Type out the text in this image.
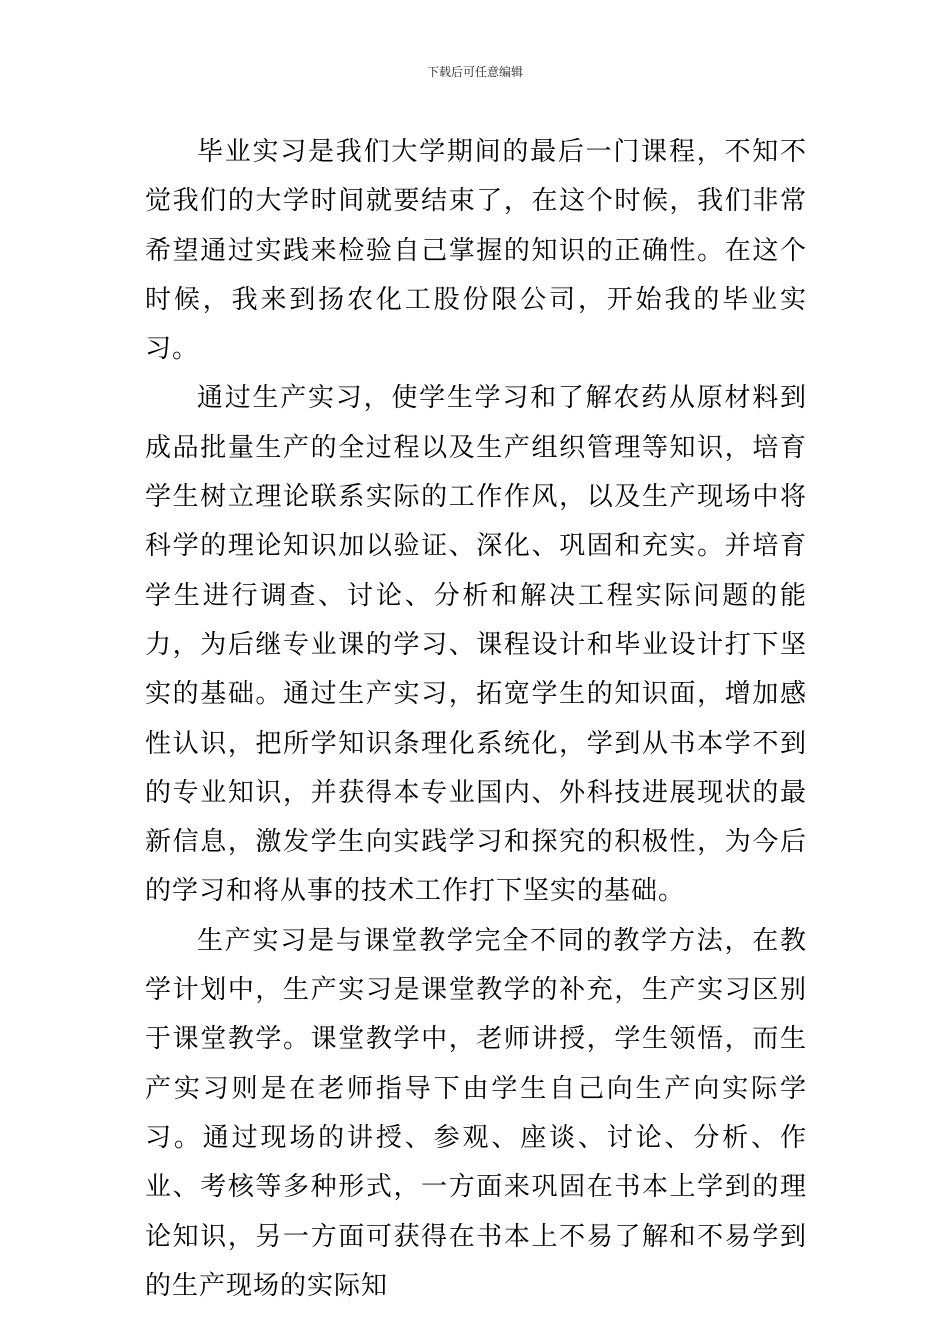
下载后可任意编辑

毕业实习是我们大学期间的最后一门课程，不知不觉我们的大学时间就要结束了，在这个时候，我们非常希望通过实践来检验自己掌握的知识的正确性。在这个时候，我来到扬农化工股份限公司，开始我的毕业实习。

通过生产实习，使学生学习和了解农药从原材料到成品批量生产的全过程以及生产组织管理等知识，培育学生树立理论联系实际的工作作风，以及生产现场中将科学的理论知识加以验证、深化、巩固和充实。并培育学生进行调查、讨论、分析和解决工程实际问题的能力，为后继专业课的学习、课程设计和毕业设计打下坚实的基础。通过生产实习，拓宽学生的知识面，增加感性认识，把所学知识条理化系统化，学到从书本学不到的专业知识，并获得本专业国内、外科技进展现状的最新信息，激发学生向实践学习和探究的积极性，为今后的学习和将从事的技术工作打下坚实的基础。

生产实习是与课堂教学完全不同的教学方法，在教学计划中，生产实习是课堂教学的补充，生产实习区别于课堂教学。课堂教学中，老师讲授，学生领悟，而生产实习则是在老师指导下由学生自己向生产向实际学习。通过现场的讲授、参观、座谈、讨论、分析、作业、考核等多种形式，一方面来巩固在书本上学到的理论知识，另一方面可获得在书本上不易了解和不易学到的生产现场的实际知
